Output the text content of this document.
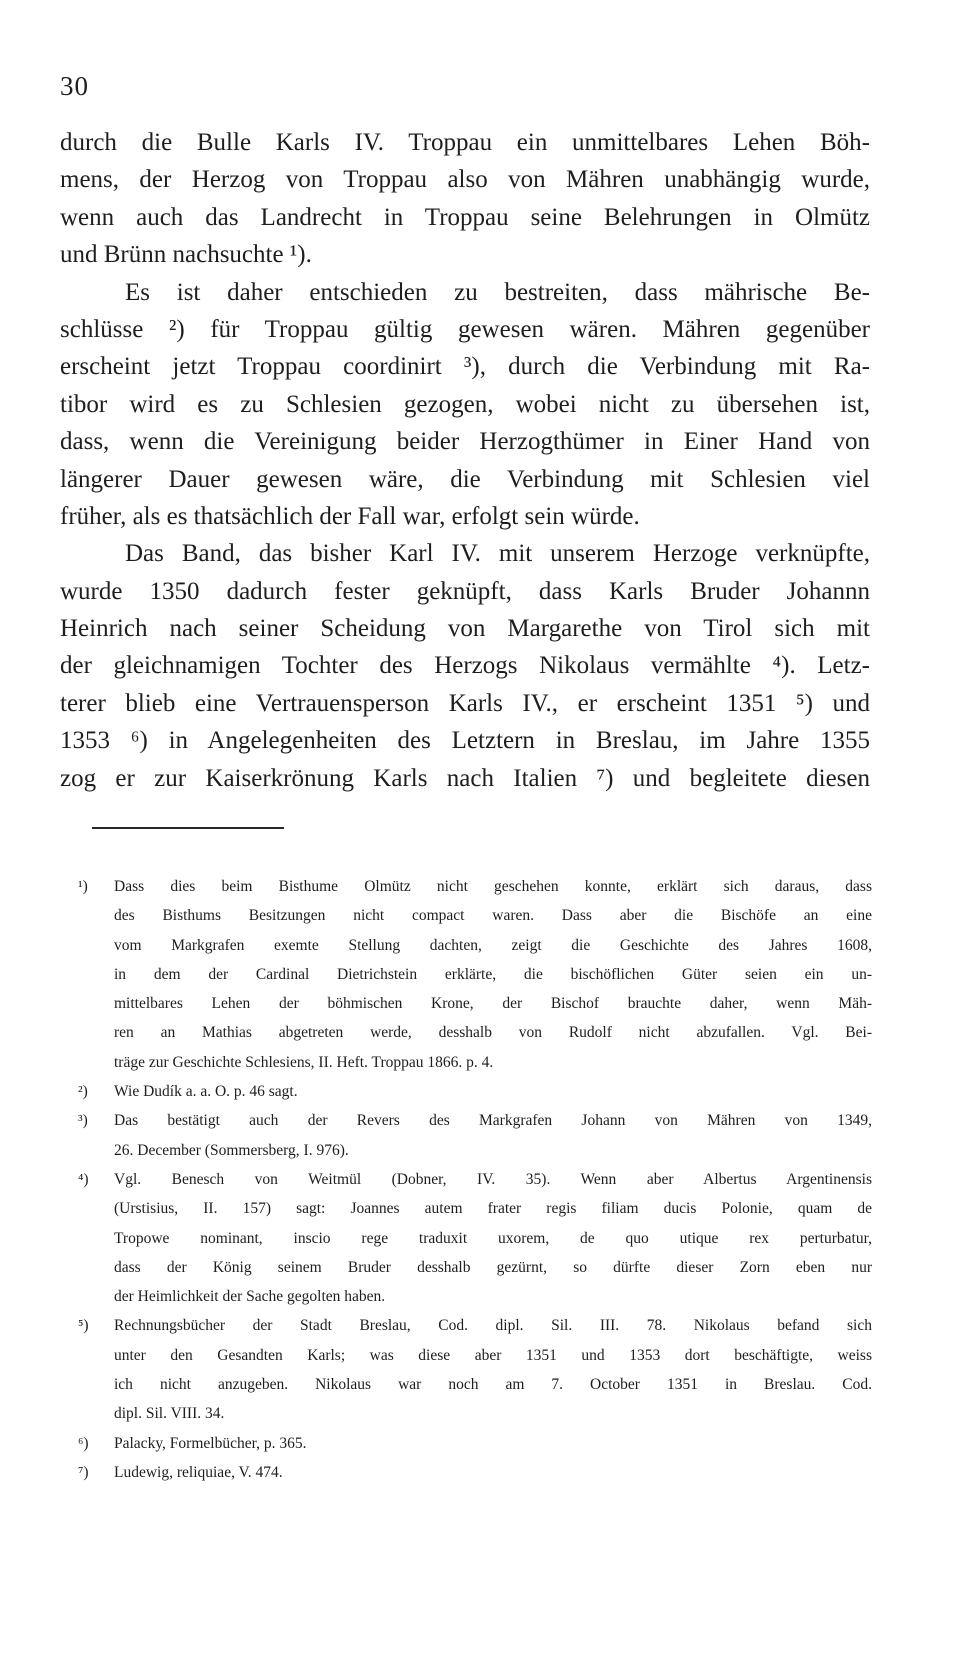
30
durch die Bulle Karls IV. Troppau ein unmittelbares Lehen Böh-
mens, der Herzog von Troppau also von Mähren unabhängig wurde,
wenn auch das Landrecht in Troppau seine Belehrungen in Olmütz
und Brünn nachsuchte ¹).
Es ist daher entschieden zu bestreiten, dass mährische Be-
schlüsse ²) für Troppau gültig gewesen wären. Mähren gegenüber
erscheint jetzt Troppau coordinirt ³), durch die Verbindung mit Ra-
tibor wird es zu Schlesien gezogen, wobei nicht zu übersehen ist,
dass, wenn die Vereinigung beider Herzogthümer in Einer Hand von
längerer Dauer gewesen wäre, die Verbindung mit Schlesien viel
früher, als es thatsächlich der Fall war, erfolgt sein würde.
Das Band, das bisher Karl IV. mit unserem Herzoge verknüpfte,
wurde 1350 dadurch fester geknüpft, dass Karls Bruder Johannn
Heinrich nach seiner Scheidung von Margarethe von Tirol sich mit
der gleichnamigen Tochter des Herzogs Nikolaus vermählte ⁴). Letz-
terer blieb eine Vertrauensperson Karls IV., er erscheint 1351 ⁵) und
1353 ⁶) in Angelegenheiten des Letztern in Breslau, im Jahre 1355
zog er zur Kaiserkrönung Karls nach Italien ⁷) und begleitete diesen
¹) Dass dies beim Bisthume Olmütz nicht geschehen konnte, erklärt sich daraus, dass
des Bisthums Besitzungen nicht compact waren. Dass aber die Bischöfe an eine
vom Markgrafen exemte Stellung dachten, zeigt die Geschichte des Jahres 1608,
in dem der Cardinal Dietrichstein erklärte, die bischöflichen Güter seien ein un-
mittelbares Lehen der böhmischen Krone, der Bischof brauchte daher, wenn Mäh-
ren an Mathias abgetreten werde, desshalb von Rudolf nicht abzufallen. Vgl. Bei-
träge zur Geschichte Schlesiens, II. Heft. Troppau 1866. p. 4.
²) Wie Dudík a. a. O. p. 46 sagt.
³) Das bestätigt auch der Revers des Markgrafen Johann von Mähren von 1349,
26. December (Sommersberg, I. 976).
⁴) Vgl. Benesch von Weitmül (Dobner, IV. 35). Wenn aber Albertus Argentinensis
(Urstisius, II. 157) sagt: Joannes autem frater regis filiam ducis Polonie, quam de
Tropowe nominant, inscio rege traduxit uxorem, de quo utique rex perturbatur,
dass der König seinem Bruder desshalb gezürnt, so dürfte dieser Zorn eben nur
der Heimlichkeit der Sache gegolten haben.
⁵) Rechnungsbücher der Stadt Breslau, Cod. dipl. Sil. III. 78. Nikolaus befand sich
unter den Gesandten Karls; was diese aber 1351 und 1353 dort beschäftigte, weiss
ich nicht anzugeben. Nikolaus war noch am 7. October 1351 in Breslau. Cod.
dipl. Sil. VIII. 34.
⁶) Palacky, Formelbücher, p. 365.
⁷) Ludewig, reliquiae, V. 474.
